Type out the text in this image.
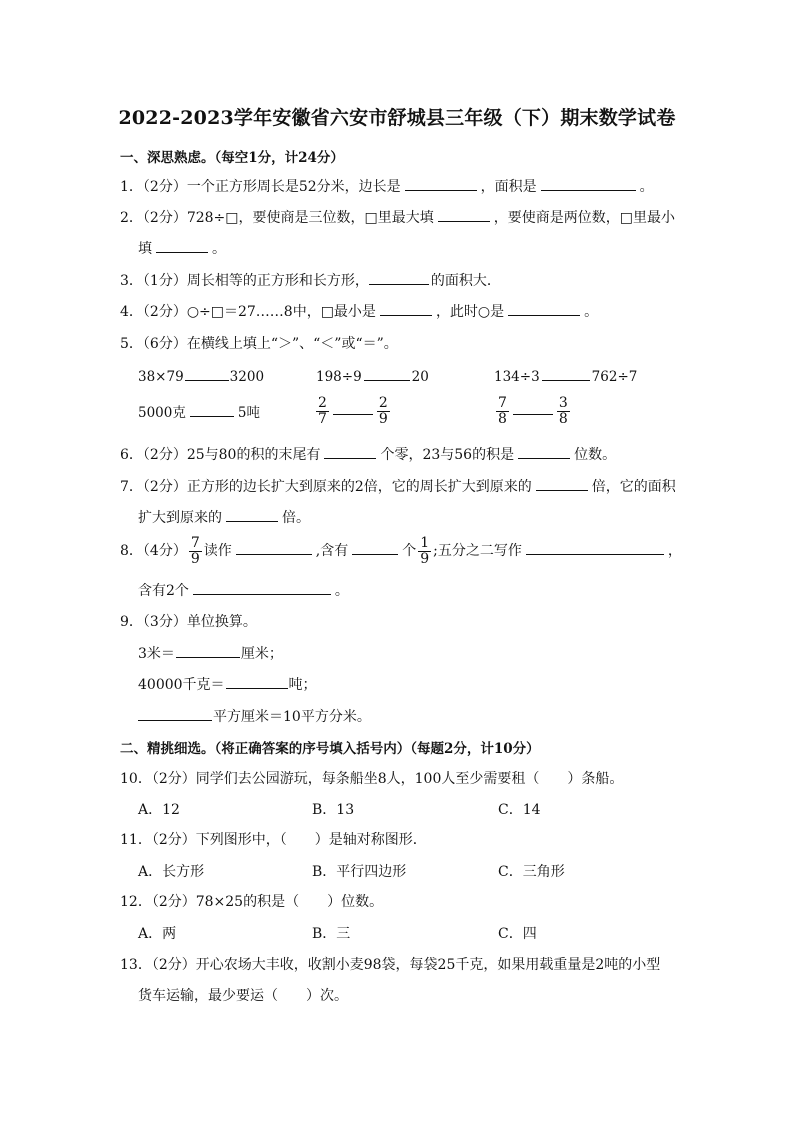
2022-2023学年安徽省六安市舒城县三年级（下）期末数学试卷
一、深思熟虑。（每空1分，计24分）
1．（2分）一个正方形周长是52分米，边长是	，面积是	。
2．（2分）728÷□，要使商是三位数，□里最大填	，要使商是两位数，□里最小
填	。
3．（1分）周长相等的正方形和长方形，	的面积大．
4．（2分）○÷□＝27……8中，□最小是	，此时○是	。
5．（6分）在横线上填上“＞”、“＜”或“＝”。
38×79	3200	198÷9	20	134÷3	762÷7
5000克	5吨	$\frac{2}{7}$	$\frac{2}{9}$	$\frac{7}{8}$	$\frac{3}{8}$
6．（2分）25与80的积的末尾有	个零，23与56的积是	位数。
7．（2分）正方形的边长扩大到原来的2倍，它的周长扩大到原来的	倍，它的面积
扩大到原来的	倍。
8．（4分） $\frac{7}{9}$ 读作	,含有	个 $\frac{1}{9}$ ;五分之二写作	，
含有2个	。
9．（3分）单位换算。
3米＝	厘米；
40000千克＝	吨；
平方厘米＝10平方分米。
二、精挑细选。（将正确答案的序号填入括号内）（每题2分，计10分）
10．（2分）同学们去公园游玩，每条船坐8人，100人至少需要租（　　）条船。
A．12	B．13	C．14
11．（2分）下列图形中，（　　）是轴对称图形．
A．长方形	B．平行四边形	C．三角形
12．（2分）78×25的积是（　　）位数。
A．两	B．三	C．四
13．（2分）开心农场大丰收，收割小麦98袋，每袋25千克，如果用载重量是2吨的小型
货车运输，最少要运（　　）次。
